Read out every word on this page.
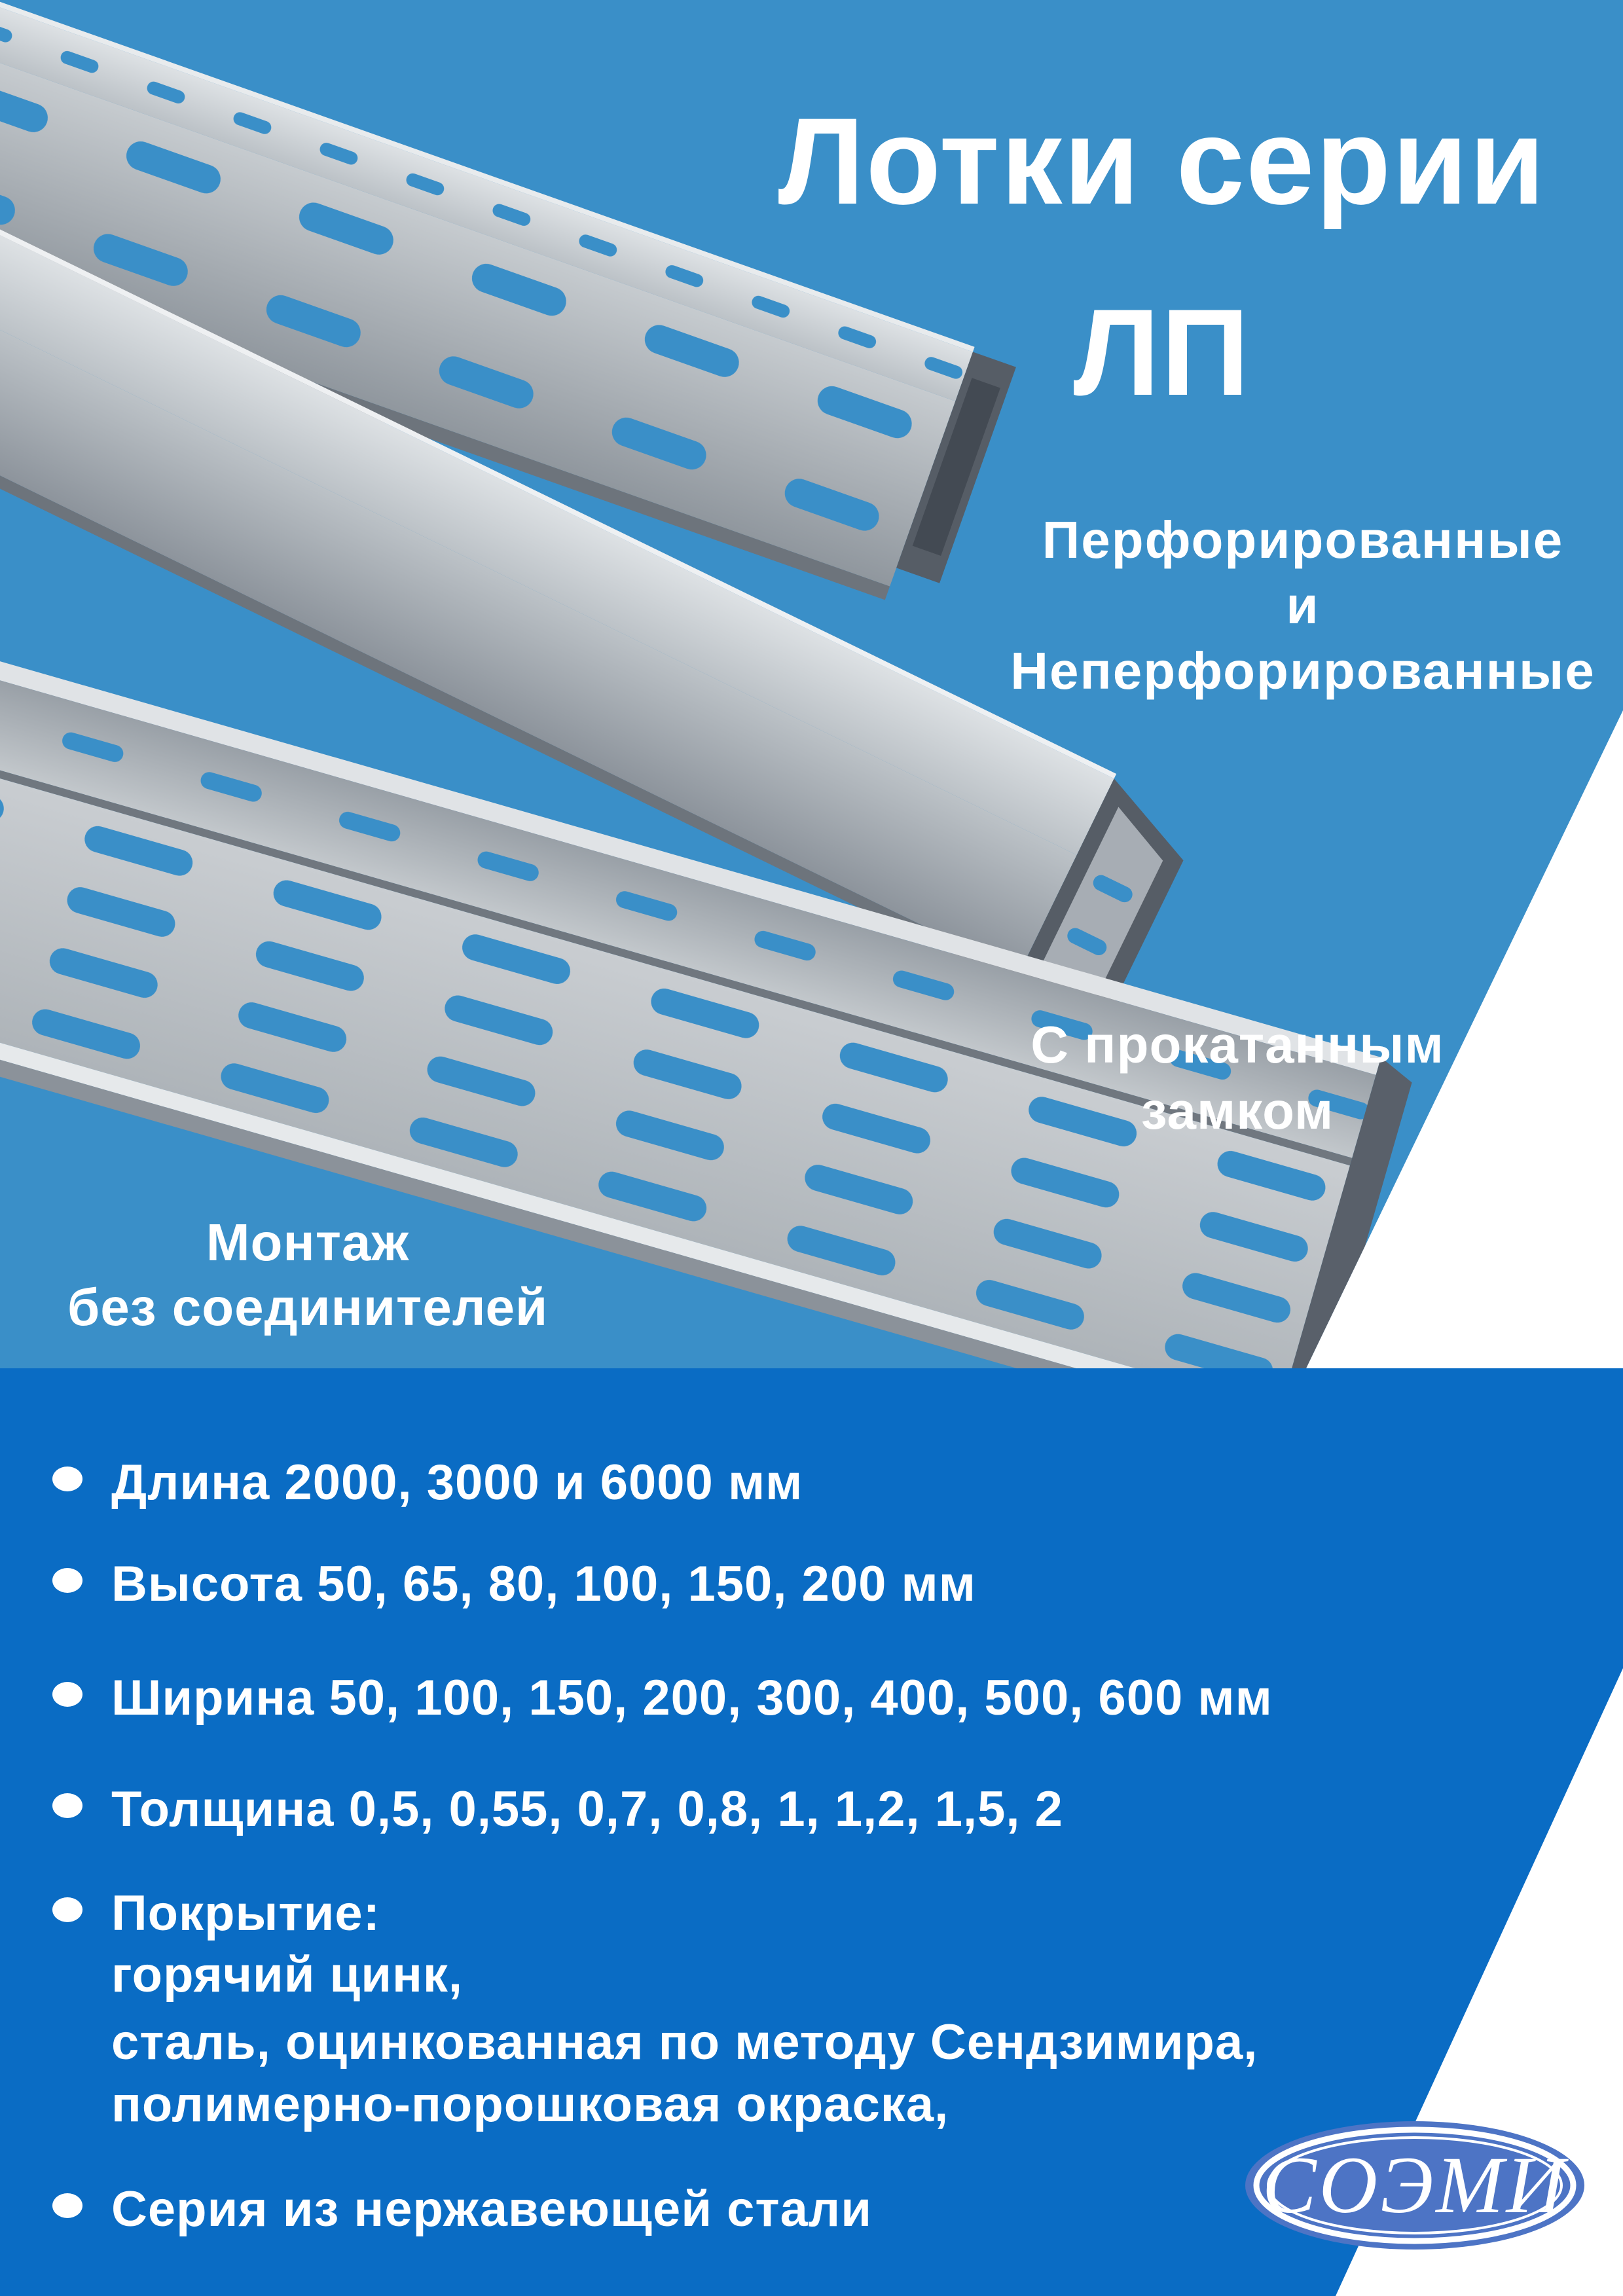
Лотки серии
ЛП
Перфорированные
и
Неперфорированные
С прокатанным
замком
Монтаж
без соединителей
Длина 2000, 3000 и 6000 мм
Высота 50, 65, 80, 100, 150, 200 мм
Ширина 50, 100, 150, 200, 300, 400, 500, 600 мм
Толщина 0,5, 0,55, 0,7, 0,8, 1, 1,2, 1,5, 2
Покрытие:
горячий цинк,
сталь, оцинкованная по методу Сендзимира,
полимерно-порошковая окраска,
Серия из нержавеющей стали	СОЭМИ
